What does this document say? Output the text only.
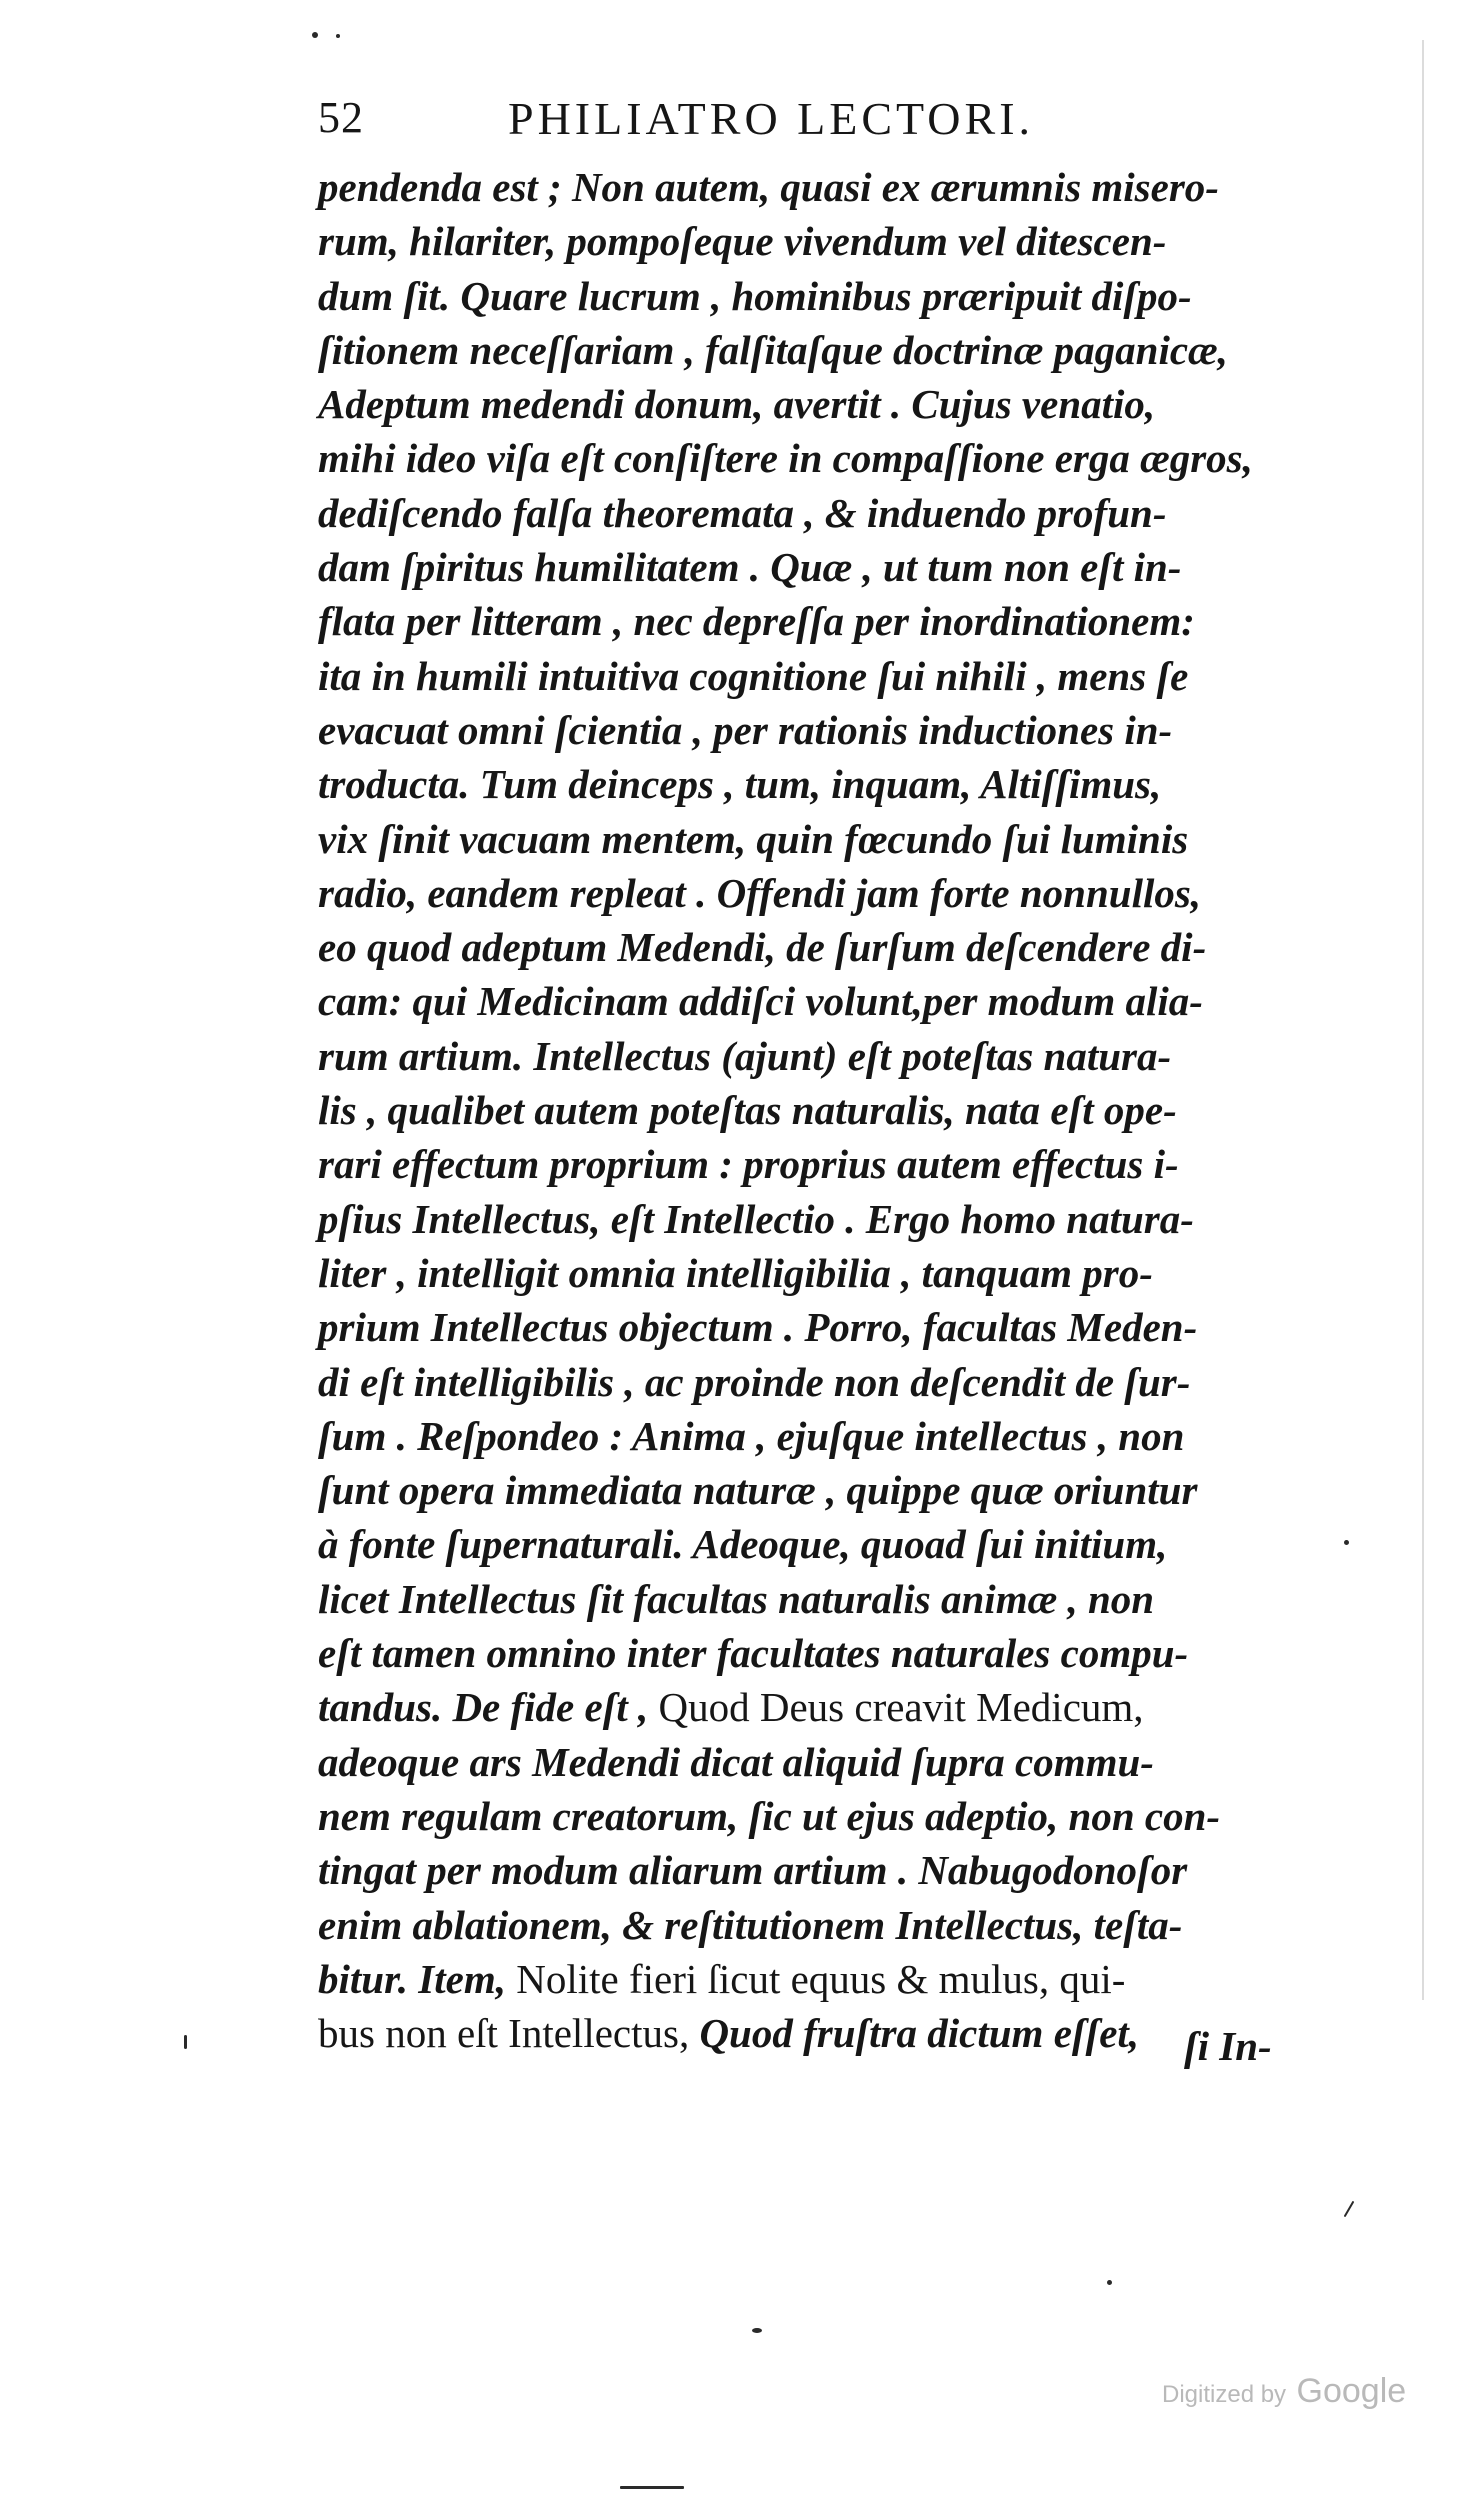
52	PHILIATRO LECTORI.
pendenda est ; Non autem, quasi ex ærumnis misero-
rum, hilariter, pompoſeque vivendum vel ditescen-
dum ſit. Quare lucrum , hominibus præripuit diſpo-
ſitionem neceſſariam , falſitaſque doctrinæ paganicæ,
Adeptum medendi donum, avertit . Cujus venatio,
mihi ideo viſa eſt conſiſtere in compaſſione erga ægros,
dediſcendo falſa theoremata , & induendo profun-
dam ſpiritus humilitatem . Quæ , ut tum non eſt in-
flata per litteram , nec depreſſa per inordinationem:
ita in humili intuitiva cognitione ſui nihili , mens ſe
evacuat omni ſcientia , per rationis inductiones in-
troducta. Tum deinceps , tum, inquam, Altiſſimus,
vix ſinit vacuam mentem, quin fœcundo ſui luminis
radio, eandem repleat . Offendi jam forte nonnullos,
eo quod adeptum Medendi, de ſurſum deſcendere di-
cam: qui Medicinam addiſci volunt,per modum alia-
rum artium. Intellectus (ajunt) eſt poteſtas natura-
lis , qualibet autem poteſtas naturalis, nata eſt ope-
rari effectum proprium : proprius autem effectus i-
pſius Intellectus, eſt Intellectio . Ergo homo natura-
liter , intelligit omnia intelligibilia , tanquam pro-
prium Intellectus objectum . Porro, facultas Meden-
di eſt intelligibilis , ac proinde non deſcendit de ſur-
ſum . Reſpondeo : Anima , ejuſque intellectus , non
ſunt opera immediata naturæ , quippe quæ oriuntur
à fonte ſupernaturali. Adeoque, quoad ſui initium,
licet Intellectus ſit facultas naturalis animæ , non
eſt tamen omnino inter facultates naturales compu-
tandus. De fide eſt , Quod Deus creavit Medicum,
adeoque ars Medendi dicat aliquid ſupra commu-
nem regulam creatorum, ſic ut ejus adeptio, non con-
tingat per modum aliarum artium . Nabugodonoſor
enim ablationem, & reſtitutionem Intellectus, teſta-
bitur. Item, Nolite fieri ſicut equus & mulus, qui-
bus non eſt Intellectus, Quod fruſtra dictum eſſet,	ſi In-
Digitized by Google
